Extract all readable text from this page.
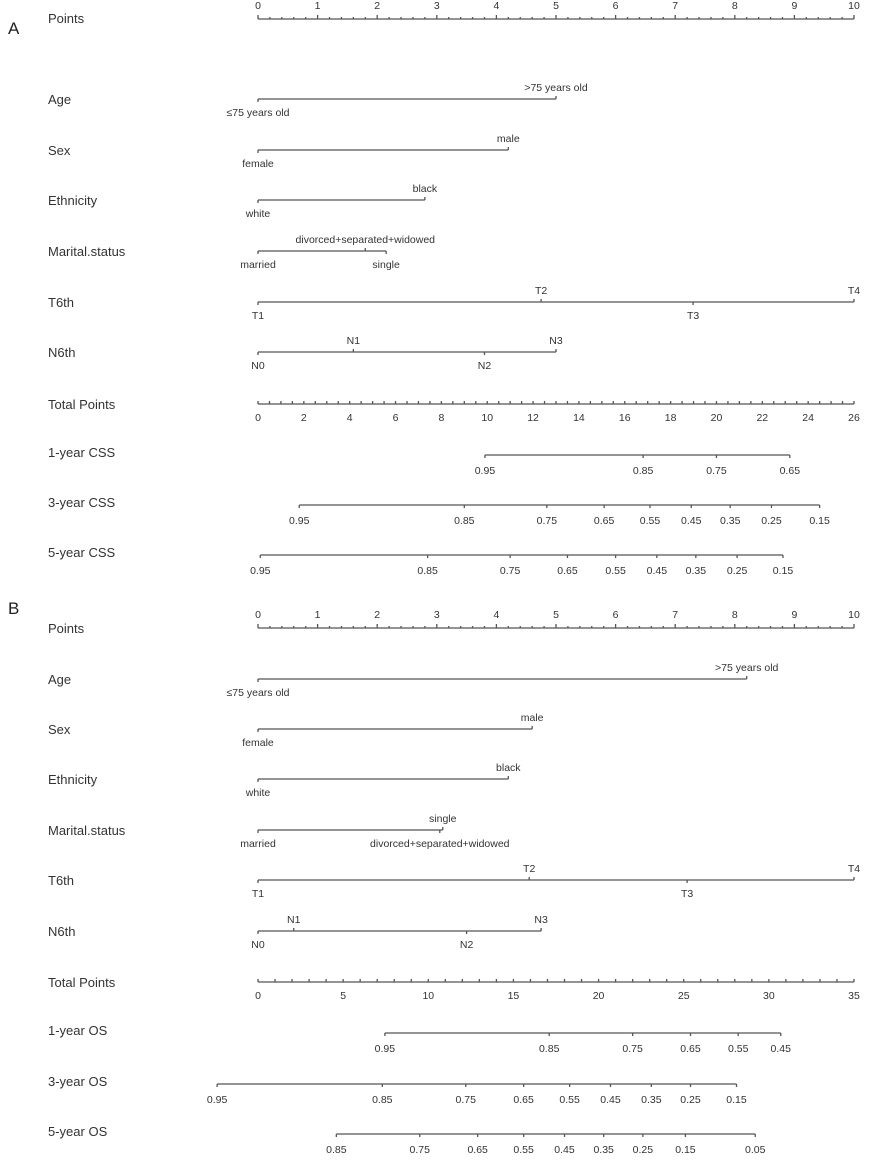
A
Points
0	1	2	3	4	5	6	7	8	9	10
Age
≤75 years old
>75 years old
Sex
female
male
Ethnicity
white
black
Marital.status
married
divorced+separated+widowed
single
T6th
T1
T2
T3
T4
N6th
N0
N1
N2
N3
Total Points
0	2	4	6	8	10	12	14	16	18	20	22	24	26
1-year CSS
0.95	0.85	0.75	0.65
3-year CSS
0.95	0.85	0.75	0.65 0.55 0.45 0.35 0.25	0.15
5-year CSS
0.95	0.85	0.75	0.65	0.55 0.45 0.35 0.25 0.15
B
Points
0	1	2	3	4	5	6	7	8	9	10
Age
≤75 years old
>75 years old
Sex
female
male
Ethnicity
white
black
Marital.status
married
single
divorced+separated+widowed
T6th
T1
T2
T3
T4
N6th
N0
N1
N2
N3
Total Points
0	5	10	15	20	25	30	35
1-year OS
0.95	0.85	0.75	0.65	0.55 0.45
3-year OS
0.95	0.85	0.75	0.65 0.55 0.45 0.35 0.25 0.15
5-year OS
0.85	0.75	0.65 0.55 0.45 0.35 0.25 0.15	0.05
